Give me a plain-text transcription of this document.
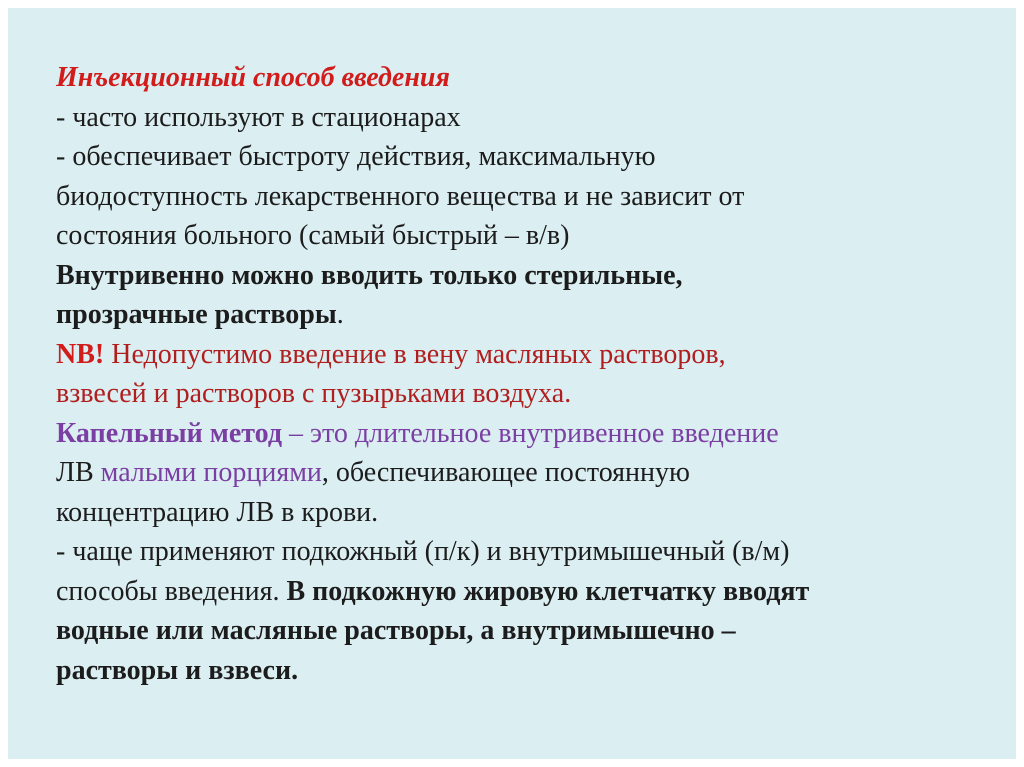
Инъекционный способ введения
- часто используют в стационарах
- обеспечивает быстроту действия, максимальную
биодоступность лекарственного вещества и не зависит от
состояния больного (самый быстрый – в/в)
Внутривенно можно вводить только стерильные,
прозрачные растворы.
NB! Недопустимо введение в вену масляных растворов,
взвесей и растворов с пузырьками воздуха.
Капельный метод – это длительное внутривенное введение
ЛВ малыми порциями, обеспечивающее постоянную
концентрацию ЛВ в крови.
- чаще применяют подкожный (п/к) и внутримышечный (в/м)
способы введения. В подкожную жировую клетчатку вводят
водные или масляные растворы, а внутримышечно –
растворы и взвеси.
